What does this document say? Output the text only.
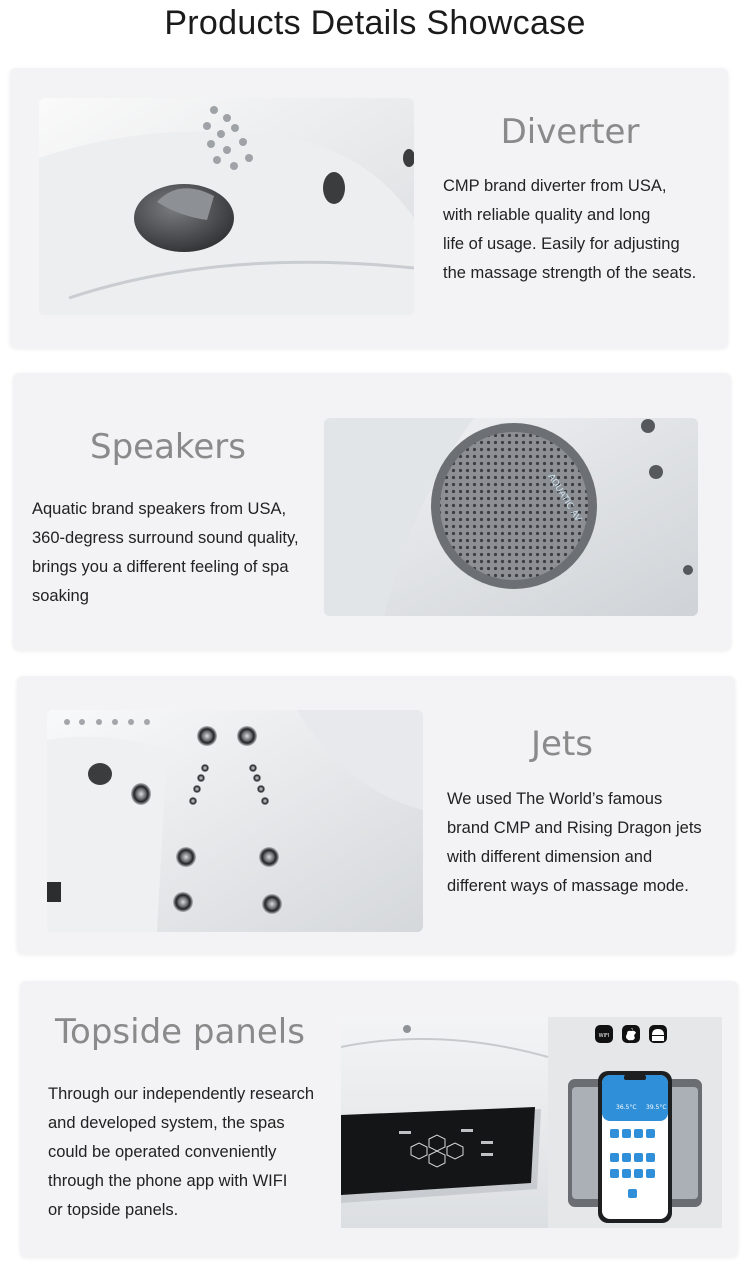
Products Details Showcase
Diverter
CMP brand diverter from USA,
with reliable quality and long
life of usage. Easily for adjusting
the massage strength of the seats.
Speakers
Aquatic brand speakers from USA,
360-degress surround sound quality,
brings you a different feeling of spa
soaking
AQUATIC AV
Jets
We used The World’s famous
brand CMP and Rising Dragon jets
with different dimension and
different ways of massage mode.
Topside panels
Through our independently research
and developed system, the spas
could be operated conveniently
through the phone app with WIFI
or topside panels.
WIFI
36.5°C 39.5°C
